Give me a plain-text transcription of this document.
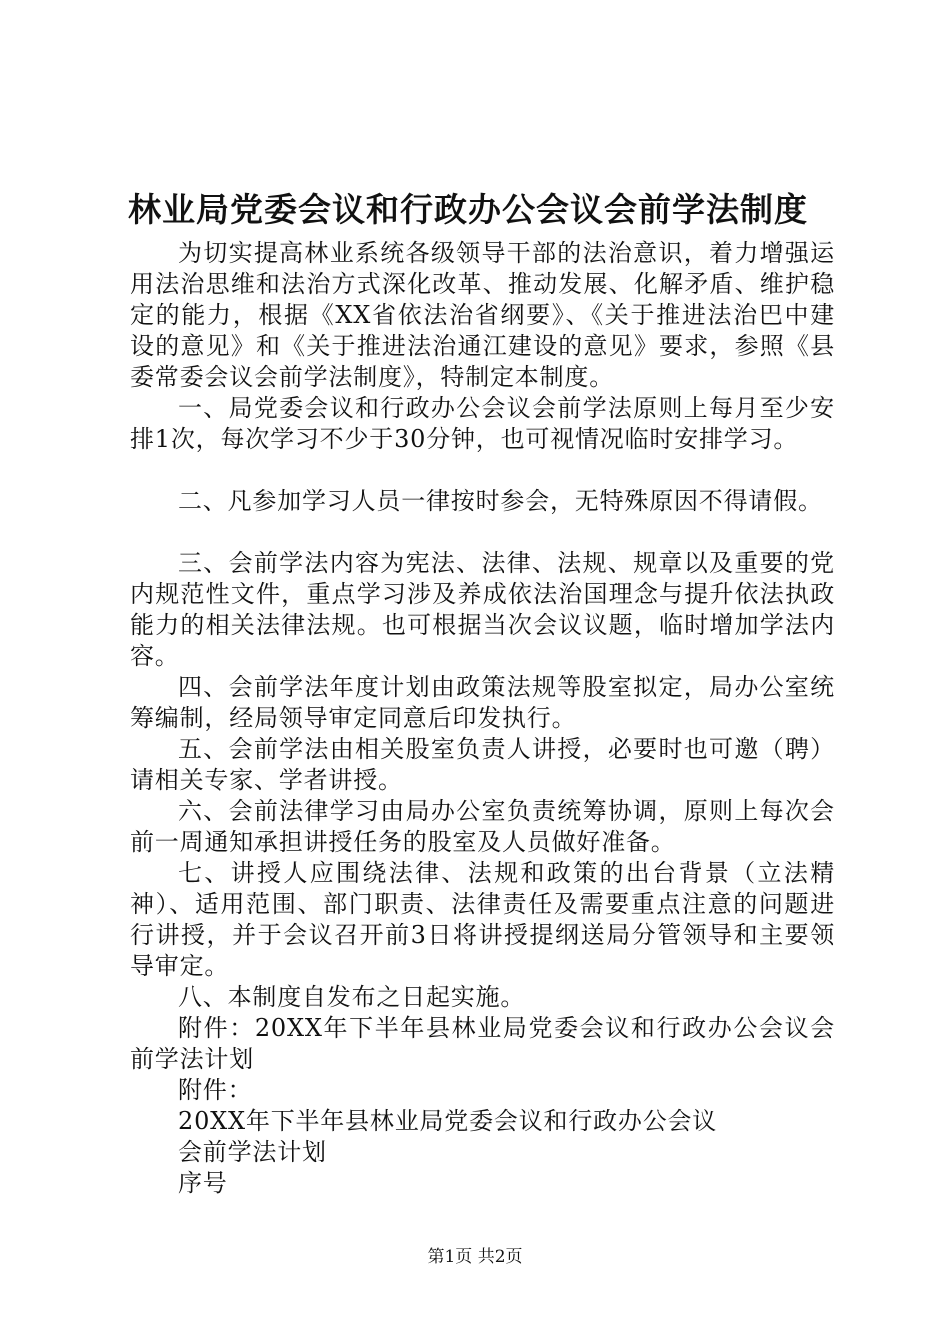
林业局党委会议和行政办公会议会前学法制度

为切实提高林业系统各级领导干部的法治意识，着力增强运用法治思维和法治方式深化改革、推动发展、化解矛盾、维护稳定的能力，根据《XX省依法治省纲要》、《关于推进法治巴中建设的意见》和《关于推进法治通江建设的意见》要求，参照《县委常委会议会前学法制度》，特制定本制度。

一、局党委会议和行政办公会议会前学法原则上每月至少安排1次，每次学习不少于30分钟，也可视情况临时安排学习。

二、凡参加学习人员一律按时参会，无特殊原因不得请假。

三、会前学法内容为宪法、法律、法规、规章以及重要的党内规范性文件，重点学习涉及养成依法治国理念与提升依法执政能力的相关法律法规。也可根据当次会议议题，临时增加学法内容。

四、会前学法年度计划由政策法规等股室拟定，局办公室统筹编制，经局领导审定同意后印发执行。

五、会前学法由相关股室负责人讲授，必要时也可邀（聘）请相关专家、学者讲授。

六、会前法律学习由局办公室负责统筹协调，原则上每次会前一周通知承担讲授任务的股室及人员做好准备。

七、讲授人应围绕法律、法规和政策的出台背景（立法精神）、适用范围、部门职责、法律责任及需要重点注意的问题进行讲授，并于会议召开前3日将讲授提纲送局分管领导和主要领导审定。

八、本制度自发布之日起实施。

附件：20XX年下半年县林业局党委会议和行政办公会议会前学法计划

附件：

20XX年下半年县林业局党委会议和行政办公会议

会前学法计划

序号

第1页 共2页
